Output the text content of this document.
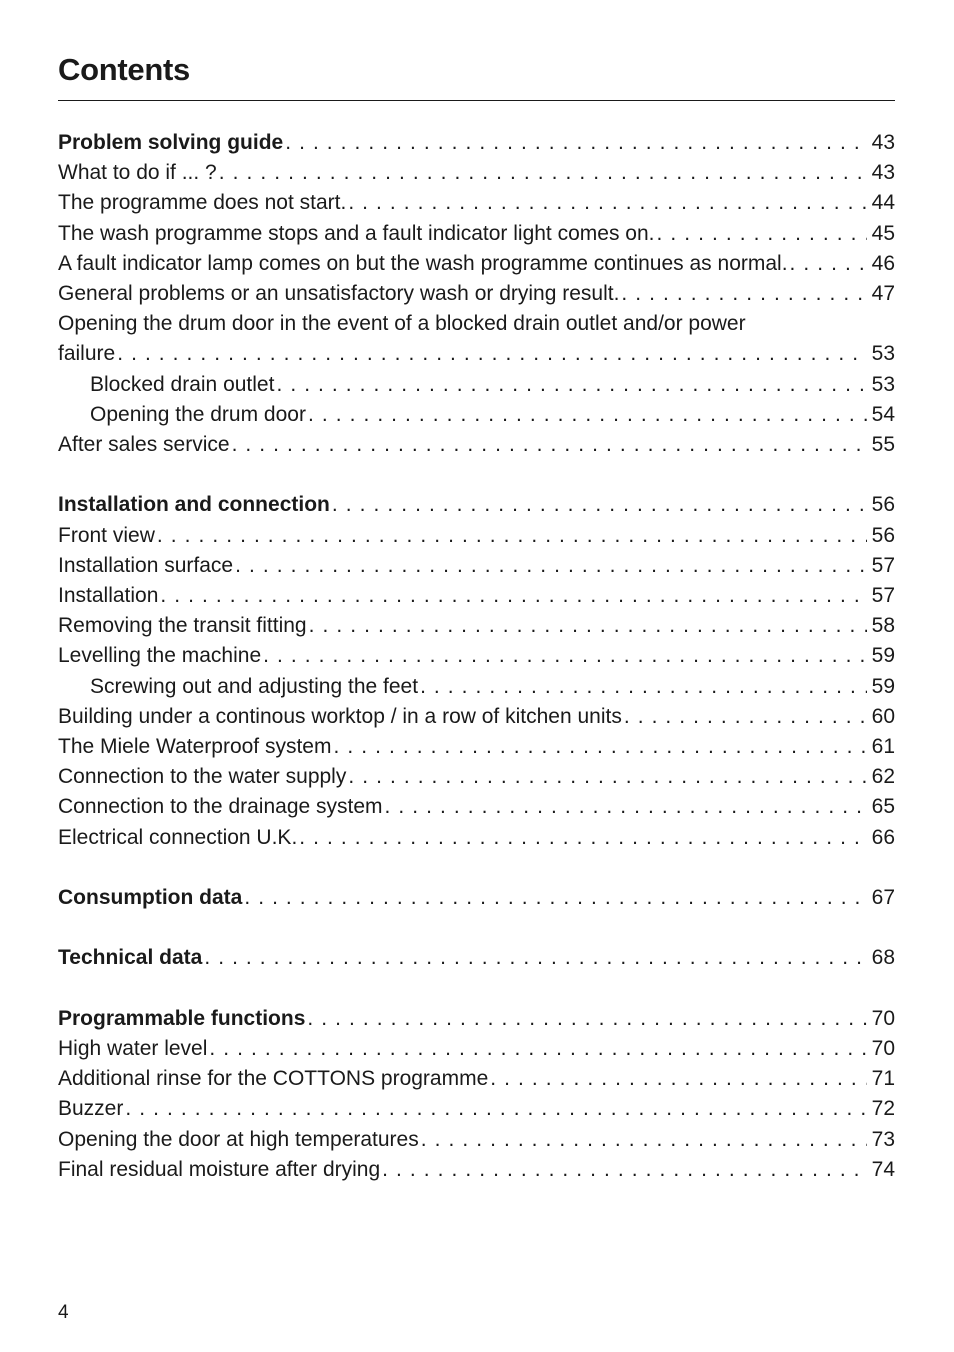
Contents
Problem solving guide . . .	43
What to do if ... ? . . .	43
The programme does not start. . . .	44
The wash programme stops and a fault indicator light comes on. . . .	45
A fault indicator lamp comes on but the wash programme continues as normal. . . .	46
General problems or an unsatisfactory wash or drying result. . . .	47
Opening the drum door in the event of a blocked drain outlet and/or power
failure . . .	53
Blocked drain outlet . . .	53
Opening the drum door . . .	54
After sales service . . .	55
Installation and connection . . .	56
Front view . . .	56
Installation surface . . .	57
Installation . . .	57
Removing the transit fitting . . .	58
Levelling the machine . . .	59
Screwing out and adjusting the feet . . .	59
Building under a continous worktop / in a row of kitchen units . . .	60
The Miele Waterproof system . . .	61
Connection to the water supply . . .	62
Connection to the drainage system . . .	65
Electrical connection U.K. . . .	66
Consumption data . . .	67
Technical data . . .	68
Programmable functions . . .	70
High water level . . .	70
Additional rinse for the COTTONS programme . . .	71
Buzzer . . .	72
Opening the door at high temperatures . . .	73
Final residual moisture after drying . . .	74
4
